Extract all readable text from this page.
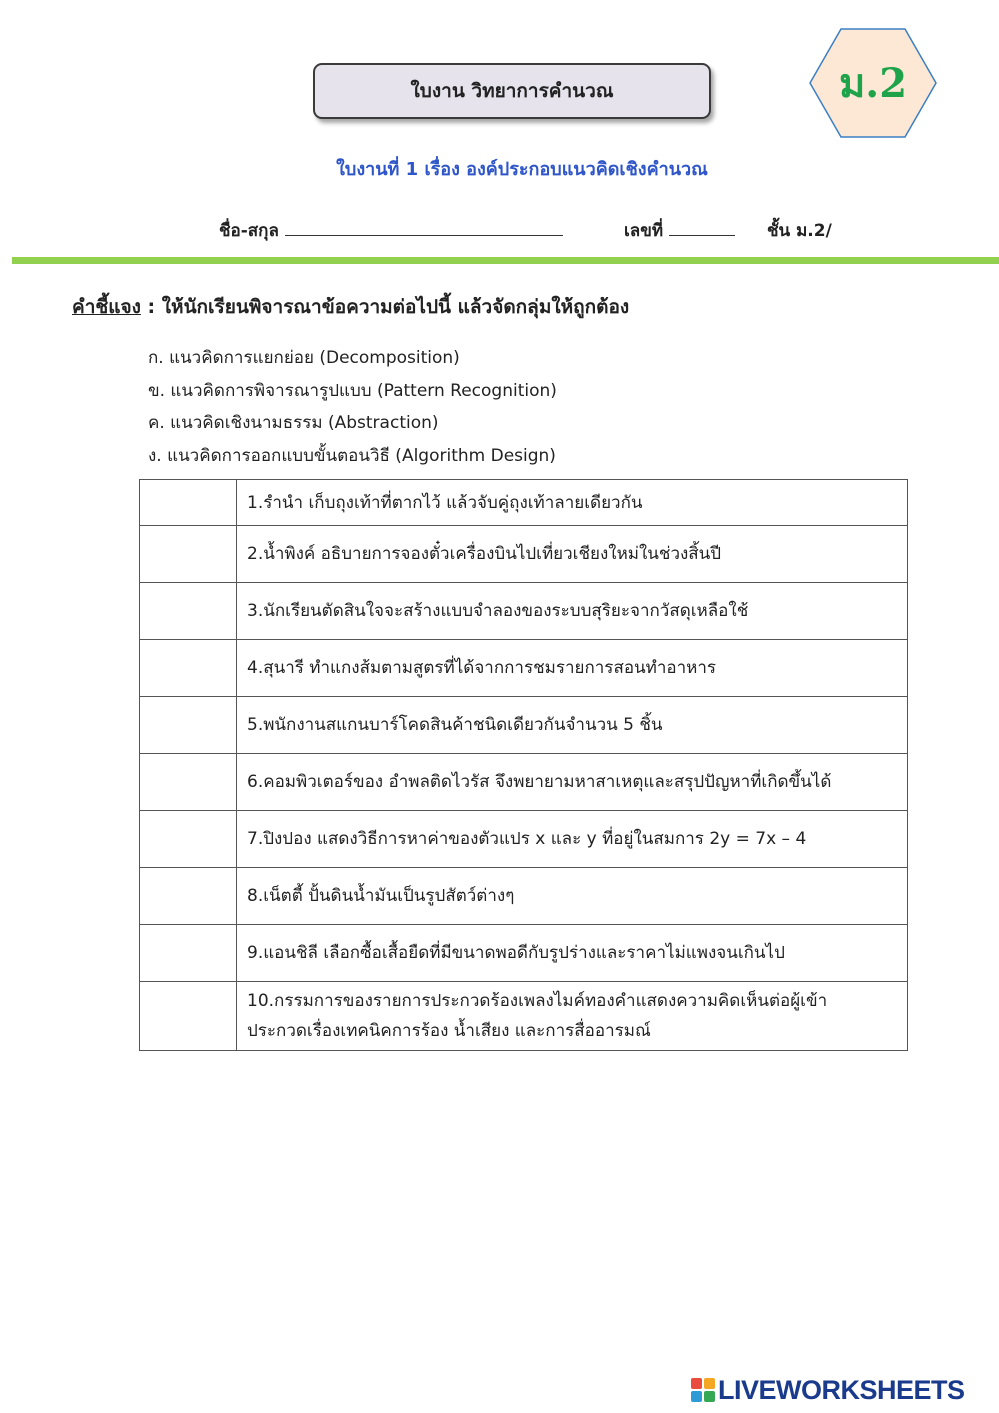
ใบงาน วิทยาการคำนวณ	ม.2
ใบงานที่ 1 เรื่อง องค์ประกอบแนวคิดเชิงคำนวณ
ชื่อ-สกุล	เลขที่	ชั้น ม.2/
คำชี้แจง : ให้นักเรียนพิจารณาข้อความต่อไปนี้ แล้วจัดกลุ่มให้ถูกต้อง
ก. แนวคิดการแยกย่อย (Decomposition)
ข. แนวคิดการพิจารณารูปแบบ (Pattern Recognition)
ค. แนวคิดเชิงนามธรรม (Abstraction)
ง. แนวคิดการออกแบบขั้นตอนวิธี (Algorithm Design)
	1.รำนำ เก็บถุงเท้าที่ตากไว้ แล้วจับคู่ถุงเท้าลายเดียวกัน
	2.น้ำพิงค์ อธิบายการจองตั๋วเครื่องบินไปเที่ยวเชียงใหม่ในช่วงสิ้นปี
	3.นักเรียนตัดสินใจจะสร้างแบบจำลองของระบบสุริยะจากวัสดุเหลือใช้
	4.สุนารี ทำแกงส้มตามสูตรที่ได้จากการชมรายการสอนทำอาหาร
	5.พนักงานสแกนบาร์โคดสินค้าชนิดเดียวกันจำนวน 5 ชิ้น
	6.คอมพิวเตอร์ของ อำพลติดไวรัส จึงพยายามหาสาเหตุและสรุปปัญหาที่เกิดขึ้นได้
	7.ปิงปอง แสดงวิธีการหาค่าของตัวแปร x และ y ที่อยู่ในสมการ 2y = 7x – 4
	8.เน็ตตี้ ปั้นดินน้ำมันเป็นรูปสัตว์ต่างๆ
	9.แอนชิลี เลือกซื้อเสื้อยืดที่มีขนาดพอดีกับรูปร่างและราคาไม่แพงจนเกินไป

	10.กรรมการของรายการประกวดร้องเพลงไมค์ทองคำแสดงความคิดเห็นต่อผู้เข้า
ประกวดเรื่องเทคนิคการร้อง น้ำเสียง และการสื่ออารมณ์
LIVEWORKSHEETS
